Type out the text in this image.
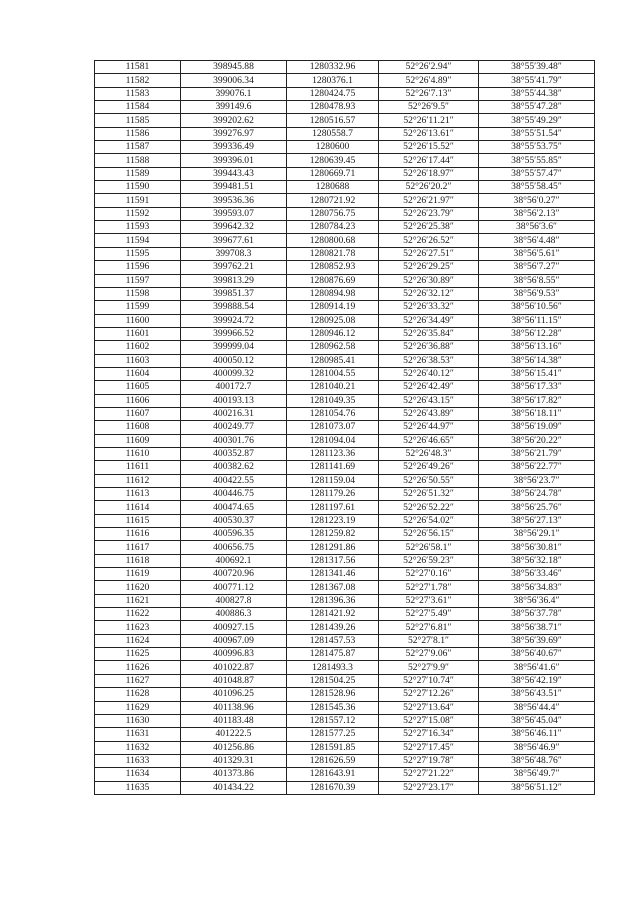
11581	398945.88	1280332.96	52°26′2.94″	38°55′39.48″
11582	399006.34	1280376.1	52°26′4.89″	38°55′41.79″
11583	399076.1	1280424.75	52°26′7.13″	38°55′44.38″
11584	399149.6	1280478.93	52°26′9.5″	38°55′47.28″
11585	399202.62	1280516.57	52°26′11.21″	38°55′49.29″
11586	399276.97	1280558.7	52°26′13.61″	38°55′51.54″
11587	399336.49	1280600	52°26′15.52″	38°55′53.75″
11588	399396.01	1280639.45	52°26′17.44″	38°55′55.85″
11589	399443.43	1280669.71	52°26′18.97″	38°55′57.47″
11590	399481.51	1280688	52°26′20.2″	38°55′58.45″
11591	399536.36	1280721.92	52°26′21.97″	38°56′0.27″
11592	399593.07	1280756.75	52°26′23.79″	38°56′2.13″
11593	399642.32	1280784.23	52°26′25.38″	38°56′3.6″
11594	399677.61	1280800.68	52°26′26.52″	38°56′4.48″
11595	399708.3	1280821.78	52°26′27.51″	38°56′5.61″
11596	399762.21	1280852.93	52°26′29.25″	38°56′7.27″
11597	399813.29	1280876.69	52°26′30.89″	38°56′8.55″
11598	399851.37	1280894.98	52°26′32.12″	38°56′9.53″
11599	399888.54	1280914.19	52°26′33.32″	38°56′10.56″
11600	399924.72	1280925.08	52°26′34.49″	38°56′11.15″
11601	399966.52	1280946.12	52°26′35.84″	38°56′12.28″
11602	399999.04	1280962.58	52°26′36.88″	38°56′13.16″
11603	400050.12	1280985.41	52°26′38.53″	38°56′14.38″
11604	400099.32	1281004.55	52°26′40.12″	38°56′15.41″
11605	400172.7	1281040.21	52°26′42.49″	38°56′17.33″
11606	400193.13	1281049.35	52°26′43.15″	38°56′17.82″
11607	400216.31	1281054.76	52°26′43.89″	38°56′18.11″
11608	400249.77	1281073.07	52°26′44.97″	38°56′19.09″
11609	400301.76	1281094.04	52°26′46.65″	38°56′20.22″
11610	400352.87	1281123.36	52°26′48.3″	38°56′21.79″
11611	400382.62	1281141.69	52°26′49.26″	38°56′22.77″
11612	400422.55	1281159.04	52°26′50.55″	38°56′23.7″
11613	400446.75	1281179.26	52°26′51.32″	38°56′24.78″
11614	400474.65	1281197.61	52°26′52.22″	38°56′25.76″
11615	400530.37	1281223.19	52°26′54.02″	38°56′27.13″
11616	400596.35	1281259.82	52°26′56.15″	38°56′29.1″
11617	400656.75	1281291.86	52°26′58.1″	38°56′30.81″
11618	400692.1	1281317.56	52°26′59.23″	38°56′32.18″
11619	400720.96	1281341.46	52°27′0.16″	38°56′33.46″
11620	400771.12	1281367.08	52°27′1.78″	38°56′34.83″
11621	400827.8	1281396.36	52°27′3.61″	38°56′36.4″
11622	400886.3	1281421.92	52°27′5.49″	38°56′37.78″
11623	400927.15	1281439.26	52°27′6.81″	38°56′38.71″
11624	400967.09	1281457.53	52°27′8.1″	38°56′39.69″
11625	400996.83	1281475.87	52°27′9.06″	38°56′40.67″
11626	401022.87	1281493.3	52°27′9.9″	38°56′41.6″
11627	401048.87	1281504.25	52°27′10.74″	38°56′42.19″
11628	401096.25	1281528.96	52°27′12.26″	38°56′43.51″
11629	401138.96	1281545.36	52°27′13.64″	38°56′44.4″
11630	401183.48	1281557.12	52°27′15.08″	38°56′45.04″
11631	401222.5	1281577.25	52°27′16.34″	38°56′46.11″
11632	401256.86	1281591.85	52°27′17.45″	38°56′46.9″
11633	401329.31	1281626.59	52°27′19.78″	38°56′48.76″
11634	401373.86	1281643.91	52°27′21.22″	38°56′49.7″
11635	401434.22	1281670.39	52°27′23.17″	38°56′51.12″
